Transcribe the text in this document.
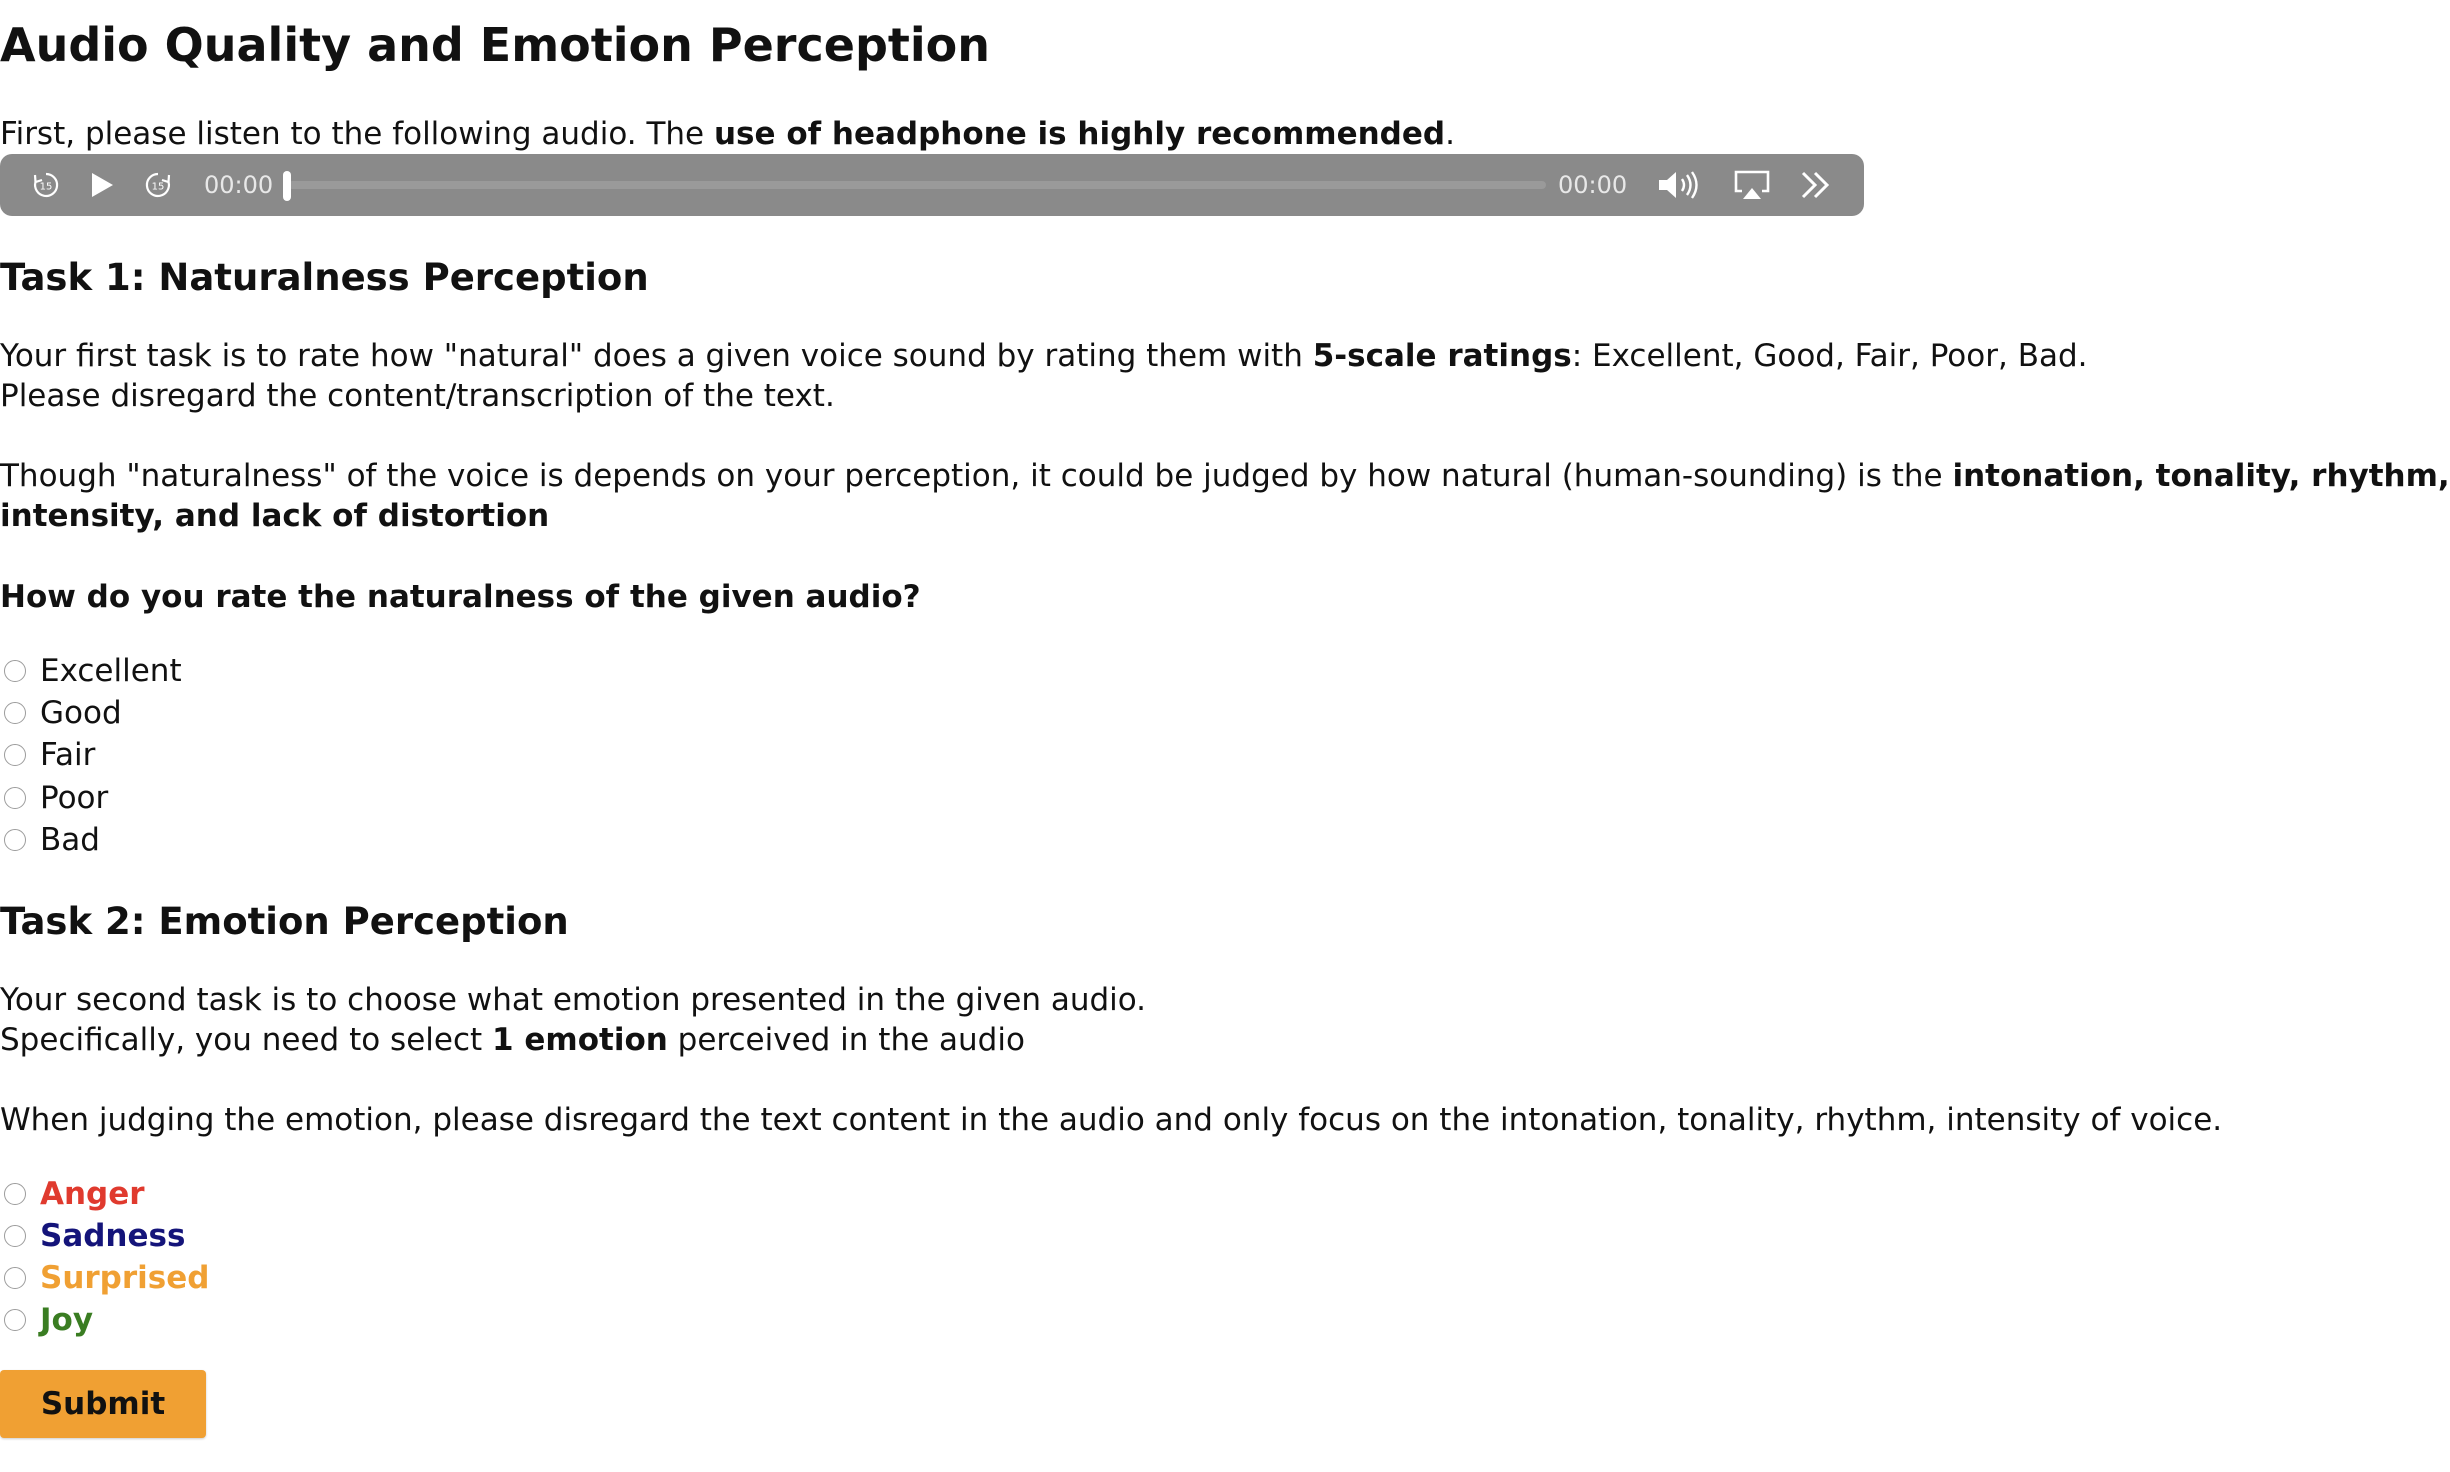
Audio Quality and Emotion Perception

First, please listen to the following audio. The use of headphone is highly recommended.

15	15 00:00	00:00
Task 1: Naturalness Perception

Your first task is to rate how "natural" does a given voice sound by rating them with 5-scale ratings: Excellent, Good, Fair, Poor, Bad.

Please disregard the content/transcription of the text.

Though "naturalness" of the voice is depends on your perception, it could be judged by how natural (human-sounding) is the intonation, tonality, rhythm,

intensity, and lack of distortion

How do you rate the naturalness of the given audio?

Excellent
Good
Fair
Poor
Bad
Task 2: Emotion Perception

Your second task is to choose what emotion presented in the given audio.

Specifically, you need to select 1 emotion perceived in the audio

When judging the emotion, please disregard the text content in the audio and only focus on the intonation, tonality, rhythm, intensity of voice.

Anger
Sadness
Surprised
Joy
Submit
